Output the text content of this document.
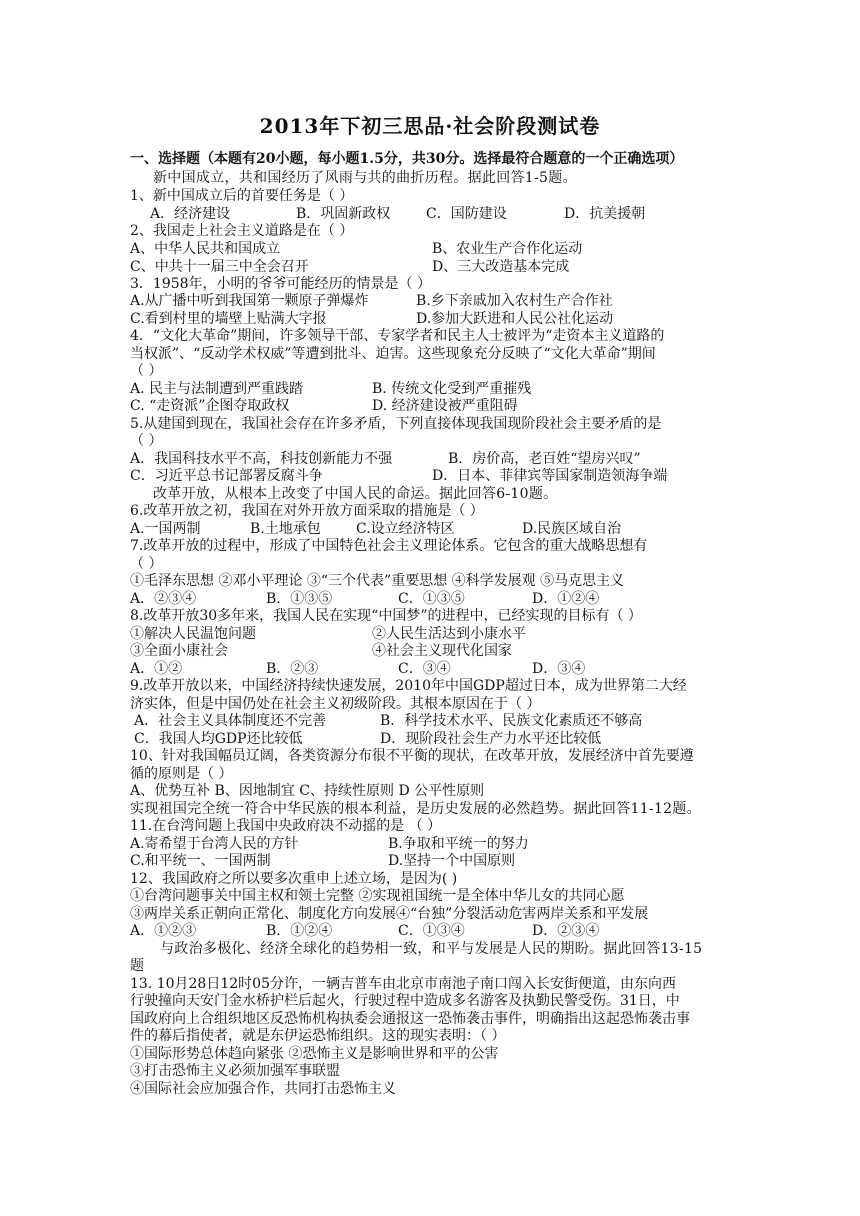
2013年下初三思品·社会阶段测试卷
一、选择题（本题有20小题，每小题1.5分，共30分。选择最符合题意的一个正确选项）
新中国成立，共和国经历了风雨与共的曲折历程。据此回答1-5题。
1、新中国成立后的首要任务是（ ）
A．经济建设	B．巩固新政权	C．国防建设	D．抗美援朝
2、我国走上社会主义道路是在（ ）
A、中华人民共和国成立	B、农业生产合作化运动
C、中共十一届三中全会召开	D、三大改造基本完成
3．1958年，小明的爷爷可能经历的情景是（ ）
A.从广播中听到我国第一颗原子弹爆炸	B.乡下亲戚加入农村生产合作社
C.看到村里的墙壁上贴满大字报	D.参加大跃进和人民公社化运动
4．“文化大革命”期间，许多领导干部、专家学者和民主人士被评为“走资本主义道路的
当权派”、“反动学术权威”等遭到批斗、迫害。这些现象充分反映了“文化大革命”期间
（ ）
A. 民主与法制遭到严重践踏	B. 传统文化受到严重摧残
C. “走资派”企图夺取政权	D. 经济建设被严重阻碍
5.从建国到现在，我国社会存在许多矛盾，下列直接体现我国现阶段社会主要矛盾的是
（ ）
A．我国科技水平不高，科技创新能力不强	B．房价高，老百姓“望房兴叹”
C．习近平总书记部署反腐斗争	D．日本、菲律宾等国家制造领海争端
改革开放，从根本上改变了中国人民的命运。据此回答6-10题。
6.改革开放之初，我国在对外开放方面采取的措施是（ ）
A.一国两制	B.土地承包	C.设立经济特区	D.民族区域自治
7.改革开放的过程中，形成了中国特色社会主义理论体系。它包含的重大战略思想有
（ ）
①毛泽东思想 ②邓小平理论 ③“三个代表”重要思想 ④科学发展观 ⑤马克思主义
A．②③④	B．①③⑤	C．①③⑤	D．①②④
8.改革开放30多年来，我国人民在实现“中国梦”的进程中，已经实现的目标有（ ）
①解决人民温饱问题	②人民生活达到小康水平
③全面小康社会	④社会主义现代化国家
A．①②	B．②③	C．③④	D．③④
9.改革开放以来，中国经济持续快速发展，2010年中国GDP超过日本，成为世界第二大经
济实体，但是中国仍处在社会主义初级阶段。其根本原因在于（ ）
A．社会主义具体制度还不完善	B．科学技术水平、民族文化素质还不够高
C．我国人均GDP还比较低	D．现阶段社会生产力水平还比较低
10、针对我国幅员辽阔，各类资源分布很不平衡的现状，在改革开放，发展经济中首先要遵
循的原则是（ ）
A、优势互补 B、因地制宜 C、持续性原则 D 公平性原则
实现祖国完全统一符合中华民族的根本利益，是历史发展的必然趋势。据此回答11-12题。
11.在台湾问题上我国中央政府决不动摇的是 （ ）
A.寄希望于台湾人民的方针	B.争取和平统一的努力
C.和平统一、一国两制	D.坚持一个中国原则
12、我国政府之所以要多次重申上述立场，是因为( )
①台湾问题事关中国主权和领土完整 ②实现祖国统一是全体中华儿女的共同心愿
③两岸关系正朝向正常化、制度化方向发展④“台独”分裂活动危害两岸关系和平发展
A．①②③	B．①②④	C．①③④	D．②③④
与政治多极化、经济全球化的趋势相一致，和平与发展是人民的期盼。据此回答13-15
题
13. 10月28日12时05分许，一辆吉普车由北京市南池子南口闯入长安街便道，由东向西
行驶撞向天安门金水桥护栏后起火，行驶过程中造成多名游客及执勤民警受伤。31日，中
国政府向上合组织地区反恐怖机构执委会通报这一恐怖袭击事件，明确指出这起恐怖袭击事
件的幕后指使者，就是东伊运恐怖组织。这的现实表明：（ ）
①国际形势总体趋向紧张 ②恐怖主义是影响世界和平的公害
③打击恐怖主义必须加强军事联盟
④国际社会应加强合作，共同打击恐怖主义
